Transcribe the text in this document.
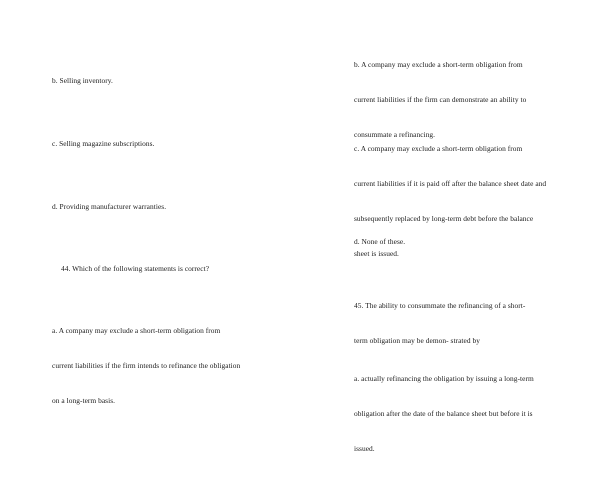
b. Selling inventory.

c. Selling magazine subscriptions.

d. Providing manufacturer warranties.

44. Which of the following statements is correct?

a. A company may exclude a short-term obligation from

current liabilities if the firm intends to refinance the obligation

on a long-term basis.

b. A company may exclude a short-term obligation from

current liabilities if the firm can demonstrate an ability to

consummate a refinancing.

c. A company may exclude a short-term obligation from

current liabilities if it is paid off after the balance sheet date and

subsequently replaced by long-term debt before the balance

sheet is issued.

d. None of these.

45. The ability to consummate the refinancing of a short-

term obligation may be demon- strated by

a. actually refinancing the obligation by issuing a long-term

obligation after the date of the balance sheet but before it is

issued.
